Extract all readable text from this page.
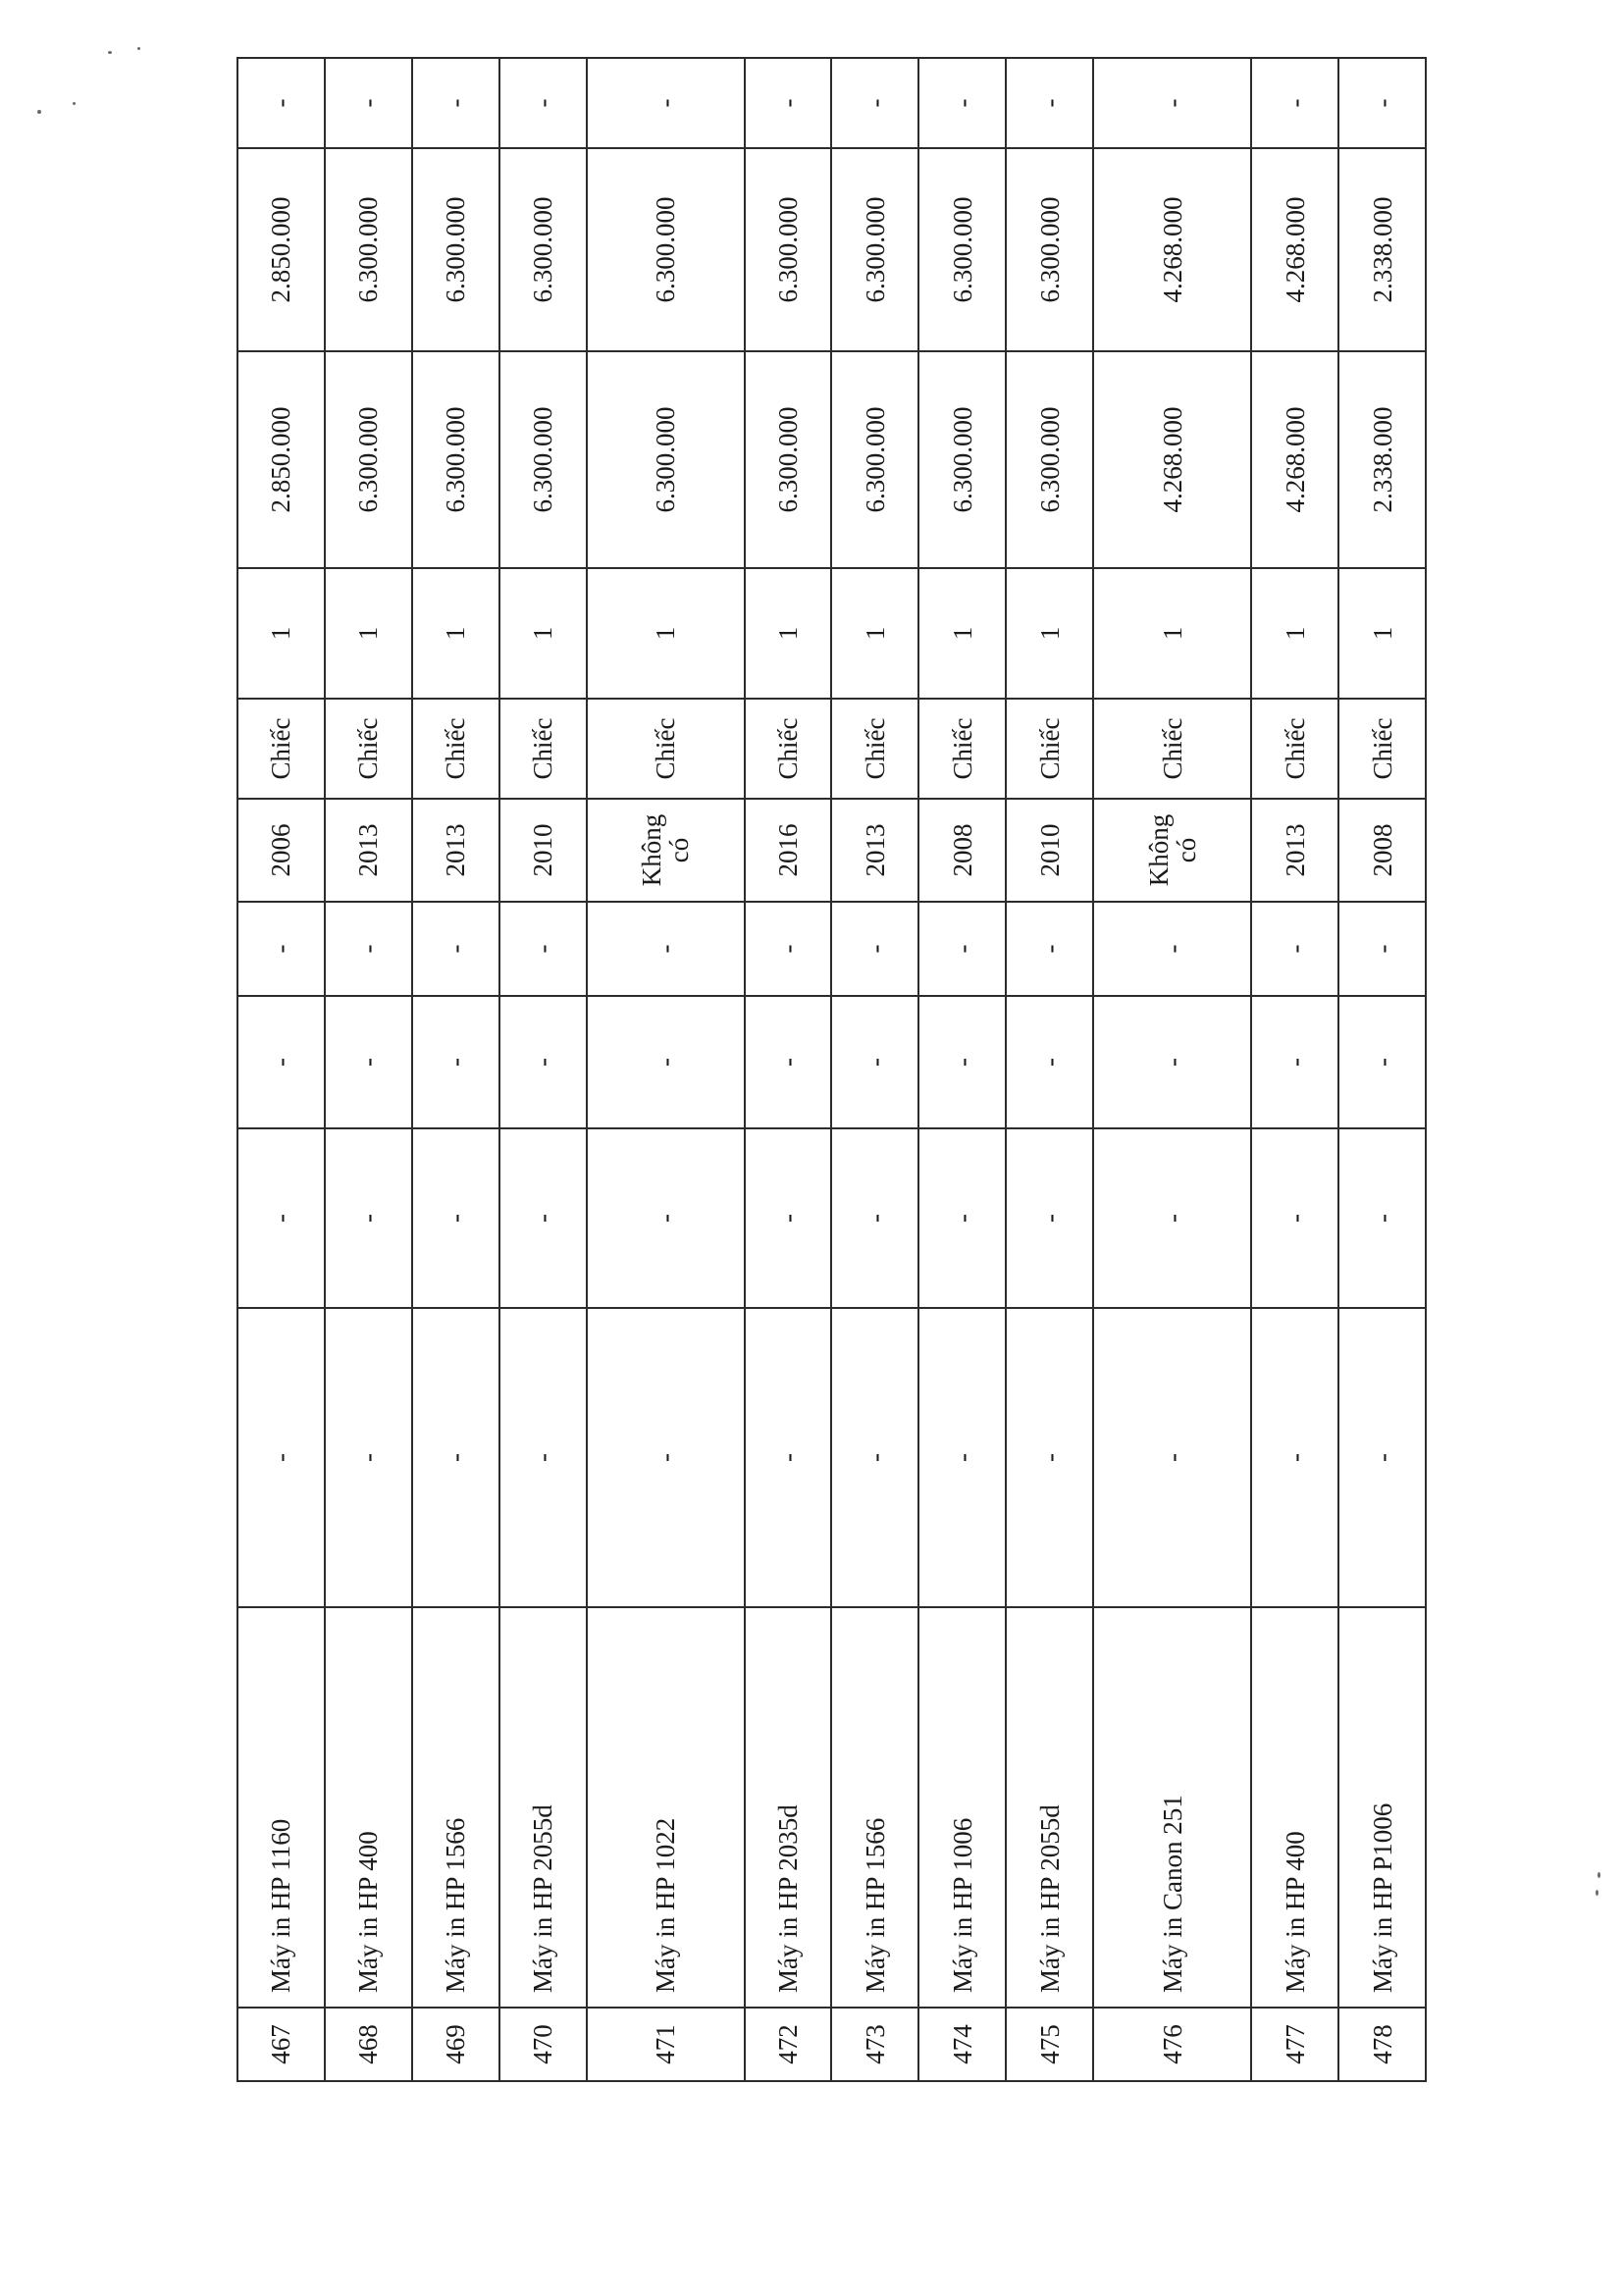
467	Máy in HP 1160	-	-	-	-	2006	Chiếc	1	2.850.000	2.850.000	-
468	Máy in HP 400	-	-	-	-	2013	Chiếc	1	6.300.000	6.300.000	-
469	Máy in HP 1566	-	-	-	-	2013	Chiếc	1	6.300.000	6.300.000	-
470	Máy in HP 2055d	-	-	-	-	2010	Chiếc	1	6.300.000	6.300.000	-
471	Máy in HP 1022	-	-	-	-	Không có	Chiếc	1	6.300.000	6.300.000	-
472	Máy in HP 2035d	-	-	-	-	2016	Chiếc	1	6.300.000	6.300.000	-
473	Máy in HP 1566	-	-	-	-	2013	Chiếc	1	6.300.000	6.300.000	-
474	Máy in HP 1006	-	-	-	-	2008	Chiếc	1	6.300.000	6.300.000	-
475	Máy in HP 2055d	-	-	-	-	2010	Chiếc	1	6.300.000	6.300.000	-
476	Máy in Canon 251	-	-	-	-	Không có	Chiếc	1	4.268.000	4.268.000	-
477	Máy in HP 400	-	-	-	-	2013	Chiếc	1	4.268.000	4.268.000	-
478	Máy in HP P1006	-	-	-	-	2008	Chiếc	1	2.338.000	2.338.000	-
